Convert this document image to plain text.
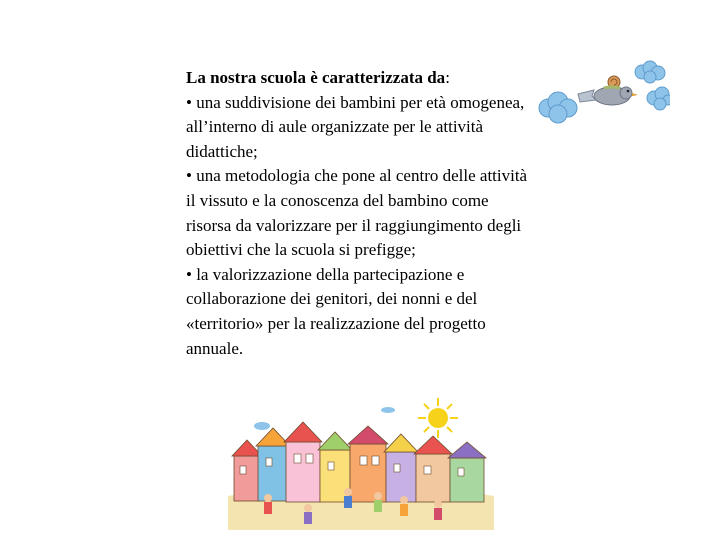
La nostra scuola è caratterizzata da:

• una suddivisione dei bambini per età omogenea, all’interno di aule organizzate per le attività didattiche;

• una metodologia che pone al centro delle attività il vissuto e la conoscenza del bambino come risorsa da valorizzare per il raggiungimento degli obiettivi che la scuola si prefigge;

• la valorizzazione della partecipazione e collaborazione dei genitori, dei nonni e del «territorio» per la realizzazione del progetto annuale.
